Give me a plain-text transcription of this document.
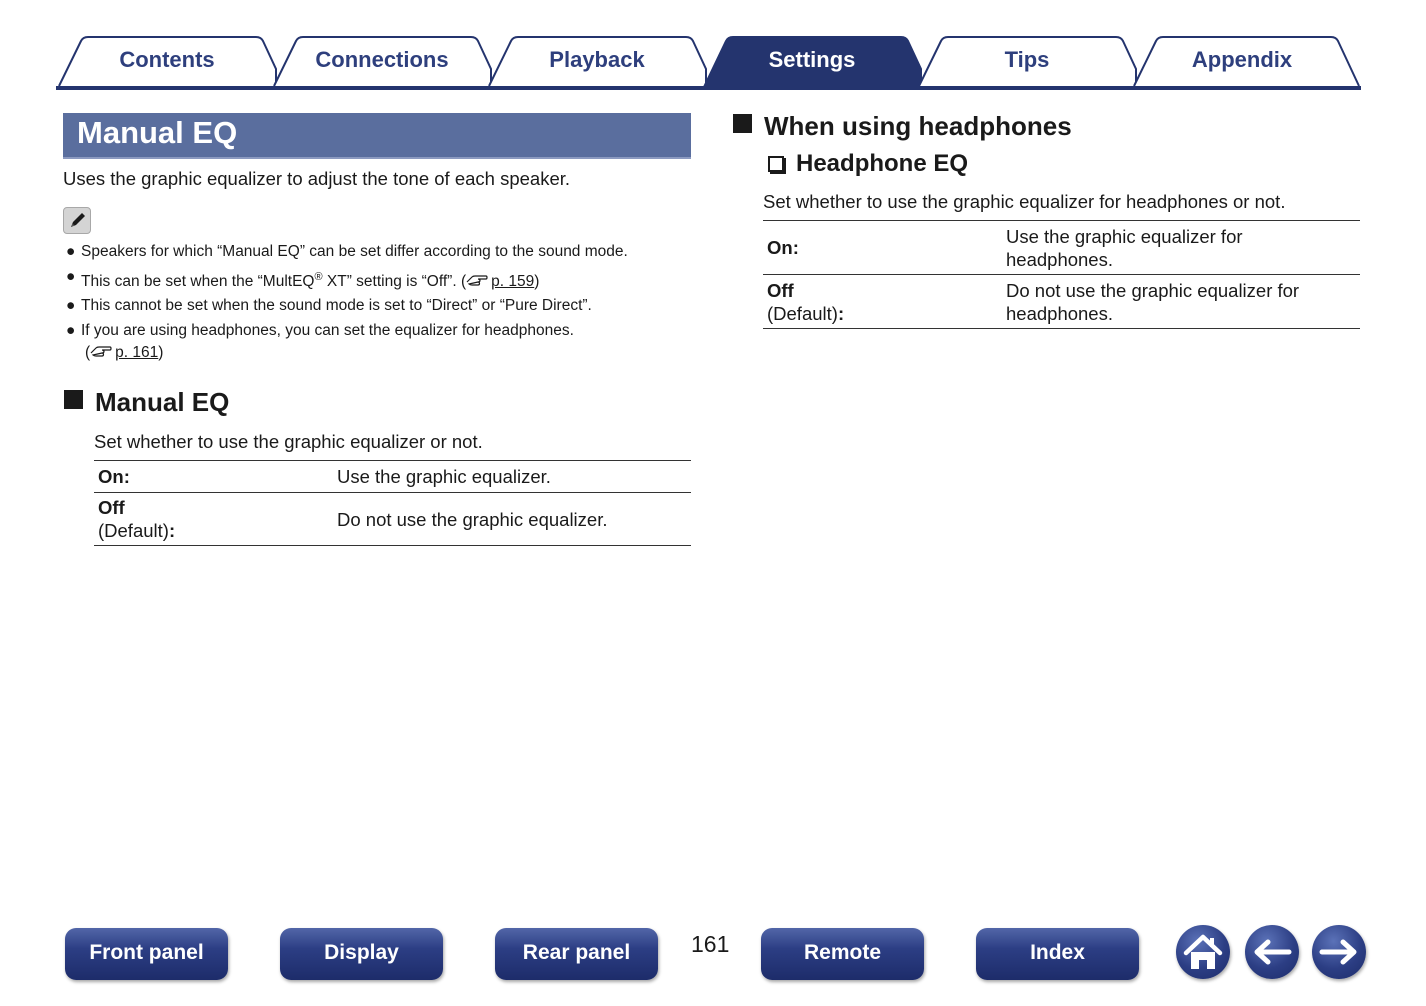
Contents	Connections	Playback	Settings	Tips	Appendix
Manual EQ
Uses the graphic equalizer to adjust the tone of each speaker.
● Speakers for which “Manual EQ” can be set differ according to the sound mode.
● This can be set when the “MultEQ® XT” setting is “Off”. ( p. 159 )
● This cannot be set when the sound mode is set to “Direct” or “Pure Direct”.
● If you are using headphones, you can set the equalizer for headphones.
( p. 161 )
Manual EQ
Set whether to use the graphic equalizer or not.
On:	Use the graphic equalizer.
Off
(Default):	Do not use the graphic equalizer.
When using headphones
Headphone EQ
Set whether to use the graphic equalizer for headphones or not.
On:	Use the graphic equalizer for
headphones.
Off
(Default):	Do not use the graphic equalizer for
headphones.
Front panel	Display	Rear panel	161	Remote	Index
